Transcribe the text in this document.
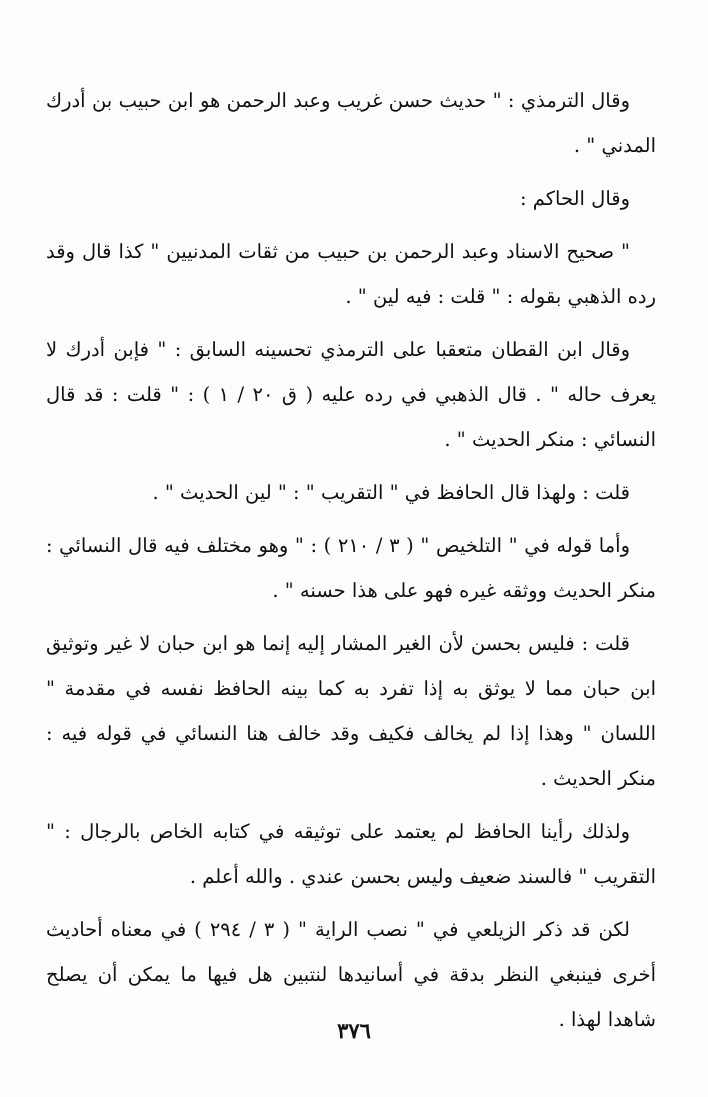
وقال الترمذي : " حديث حسن غريب وعبد الرحمن هو ابن حبيب بن أدرك المدني " .

وقال الحاكم :

" صحيح الاسناد وعبد الرحمن بن حبيب من ثقات المدنيين " كذا قال وقد رده الذهبي بقوله : " قلت : فيه لين " .

وقال ابن القطان متعقبا على الترمذي تحسينه السابق : " فإبن أدرك لا يعرف حاله " . قال الذهبي في رده عليه ( ق ٢٠ / ١ ) : " قلت : قد قال النسائي : منكر الحديث " .

قلت : ولهذا قال الحافظ في " التقريب " : " لين الحديث " .

وأما قوله في " التلخيص " ( ٣ / ٢١٠ ) : " وهو مختلف فيه قال النسائي : منكر الحديث ووثقه غيره فهو على هذا حسنه " .

قلت : فليس بحسن لأن الغير المشار إليه إنما هو ابن حبان لا غير وتوثيق ابن حبان مما لا يوثق به إذا تفرد به كما بينه الحافظ نفسه في مقدمة " اللسان " وهذا إذا لم يخالف فكيف وقد خالف هنا النسائي في قوله فيه : منكر الحديث .

ولذلك رأينا الحافظ لم يعتمد على توثيقه في كتابه الخاص بالرجال : " التقريب " فالسند ضعيف وليس بحسن عندي . والله أعلم .

لكن قد ذكر الزيلعي في " نصب الراية " ( ٣ / ٢٩٤ ) في معناه أحاديث أخرى فينبغي النظر بدقة في أسانيدها لنتبين هل فيها ما يمكن أن يصلح شاهدا لهذا .

٣٧٦
